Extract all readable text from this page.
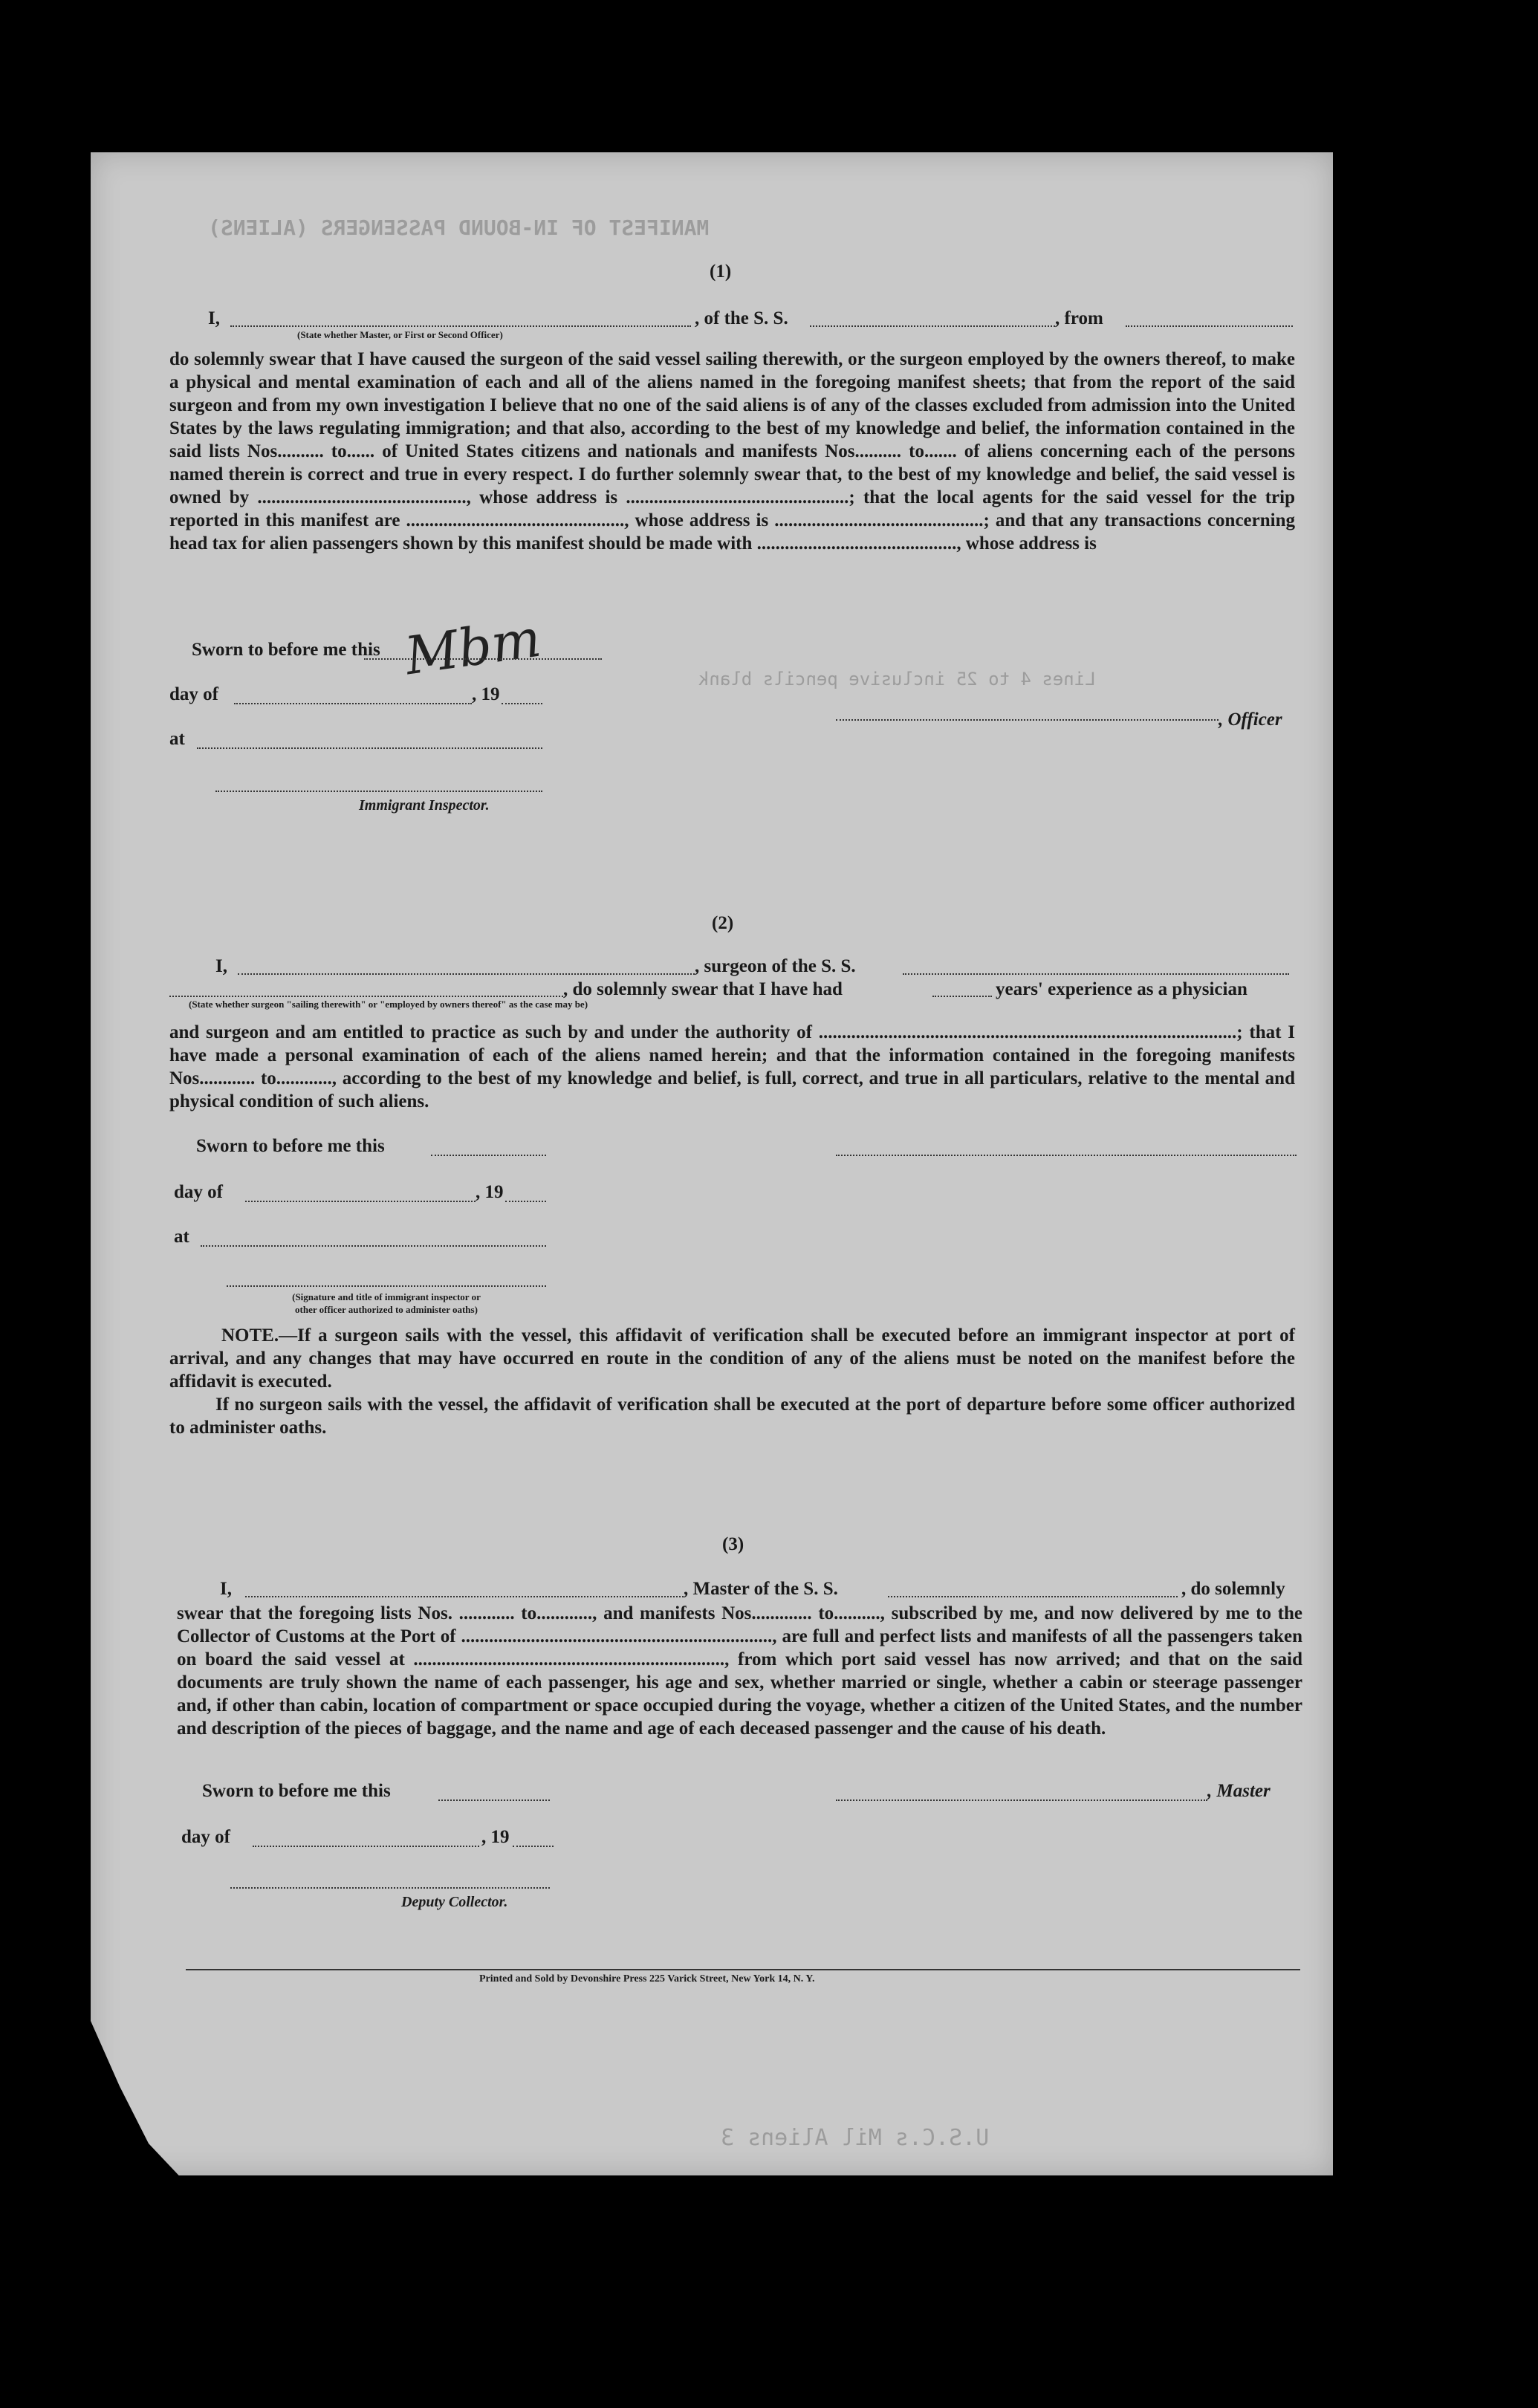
MANIFEST OF IN-BOUND PASSENGERS (ALIENS)
Lines 4 to 25 inclusive pencils blank
U.S.C.s Mil Aliens 3
(1)
I,
(State whether Master, or First or Second Officer)
, of the S. S.	, from
do solemnly swear that I have caused the surgeon of the said vessel sailing therewith, or the surgeon employed by the owners thereof, to make a physical and mental examination of each and all of the aliens named in the foregoing manifest sheets; that from the report of the said surgeon and from my own investigation I believe that no one of the said aliens is of any of the classes excluded from admission into the United States by the laws regulating immigration; and that also, according to the best of my knowledge and belief, the information contained in the said lists Nos.......... to...... of United States citizens and nationals and manifests Nos.......... to....... of aliens concerning each of the persons named therein is correct and true in every respect. I do further solemnly swear that, to the best of my knowledge and belief, the said vessel is owned by ............................................., whose address is ................................................; that the local agents for the said vessel for the trip reported in this manifest are ..............................................., whose address is .............................................; and that any transactions concerning head tax for alien passengers shown by this manifest should be made with ..........................................., whose address is
Mbm
Sworn to before me this
day of	, 19
, Officer
at
Immigrant Inspector.
(2)
I,	, surgeon of the S. S.
, do solemnly swear that I have had	years' experience as a physician
(State whether surgeon "sailing therewith" or "employed by owners thereof" as the case may be)
and surgeon and am entitled to practice as such by and under the authority of ..........................................................................................; that I have made a personal examination of each of the aliens named herein; and that the information contained in the foregoing manifests Nos............ to............, according to the best of my knowledge and belief, is full, correct, and true in all particulars, relative to the mental and physical condition of such aliens.
Sworn to before me this
day of	, 19
at
(Signature and title of immigrant inspector or
other officer authorized to administer oaths)
NOTE.—If a surgeon sails with the vessel, this affidavit of verification shall be executed before an immigrant inspector at port of arrival, and any changes that may have occurred en route in the condition of any of the aliens must be noted on the manifest before the affidavit is executed.
If no surgeon sails with the vessel, the affidavit of verification shall be executed at the port of departure before some officer authorized to administer oaths.
(3)
I,	, Master of the S. S.	, do solemnly
swear that the foregoing lists Nos. ............ to............, and manifests Nos............. to.........., subscribed by me, and now delivered by me to the Collector of Customs at the Port of ..................................................................., are full and perfect lists and manifests of all the passengers taken on board the said vessel at ..................................................................., from which port said vessel has now arrived; and that on the said documents are truly shown the name of each passenger, his age and sex, whether married or single, whether a cabin or steerage passenger and, if other than cabin, location of compartment or space occupied during the voyage, whether a citizen of the United States, and the number and description of the pieces of baggage, and the name and age of each deceased passenger and the cause of his death.
Sworn to before me this	, Master
day of	, 19
Deputy Collector.
Printed and Sold by Devonshire Press 225 Varick Street, New York 14, N. Y.
